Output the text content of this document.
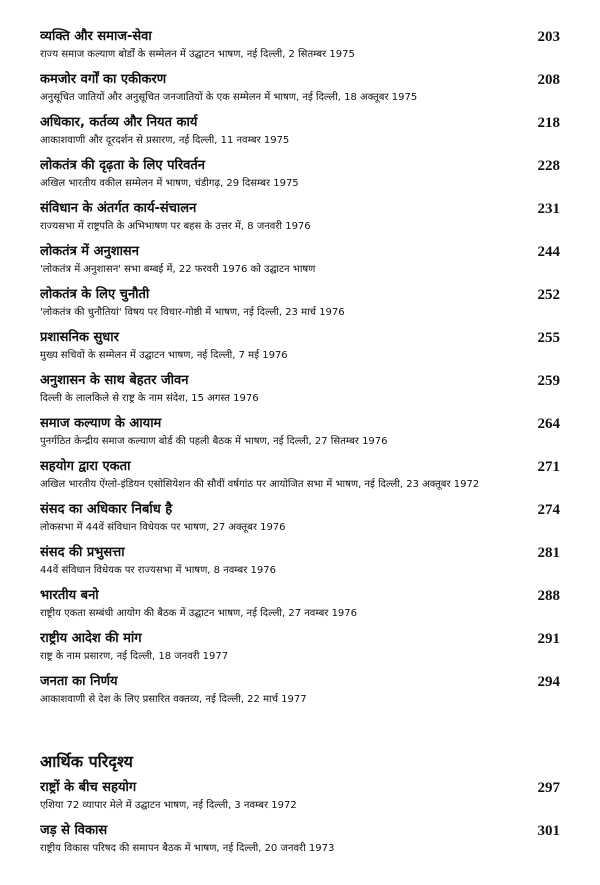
व्यक्ति और समाज-सेवा	203
राज्य समाज कल्याण बोर्डों के सम्मेलन में उद्घाटन भाषण, नई दिल्ली, 2 सितम्बर 1975
कमजोर वर्गों का एकीकरण	208
अनुसूचित जातियों और अनुसूचित जनजातियों के एक सम्मेलन में भाषण, नई दिल्ली, 18 अक्तूबर 1975
अधिकार, कर्तव्य और नियत कार्य	218
आकाशवाणी और दूरदर्शन से प्रसारण, नई दिल्ली, 11 नवम्बर 1975
लोकतंत्र की दृढ़ता के लिए परिवर्तन	228
अखिल भारतीय वकील सम्मेलन में भाषण, चंडीगढ़, 29 दिसम्बर 1975
संविधान के अंतर्गत कार्य-संचालन	231
राज्यसभा में राष्ट्रपति के अभिभाषण पर बहस के उत्तर में, 8 जनवरी 1976
लोकतंत्र में अनुशासन	244
'लोकतंत्र में अनुशासन' सभा बम्बई में, 22 फरवरी 1976 को उद्घाटन भाषण
लोकतंत्र के लिए चुनौती	252
'लोकतंत्र की चुनौतियां' विषय पर विचार-गोष्ठी में भाषण, नई दिल्ली, 23 मार्च 1976
प्रशासनिक सुधार	255
मुख्य सचिवों के सम्मेलन में उद्घाटन भाषण, नई दिल्ली, 7 मई 1976
अनुशासन के साथ बेहतर जीवन	259
दिल्ली के लालकिले से राष्ट्र के नाम संदेश, 15 अगस्त 1976
समाज कल्याण के आयाम	264
पुनर्गठित केन्द्रीय समाज कल्याण बोर्ड की पहली बैठक में भाषण, नई दिल्ली, 27 सितम्बर 1976
सहयोग द्वारा एकता	271
अखिल भारतीय ऐंग्लो-इंडियन एसोसियेशन की सौवीं वर्षगांठ पर आयोजित सभा में भाषण, नई दिल्ली, 23 अक्तूबर 1972
संसद का अधिकार निर्बाध है	274
लोकसभा में 44वें संविधान विधेयक पर भाषण, 27 अक्तूबर 1976
संसद की प्रभुसत्ता	281
44वें संविधान विधेयक पर राज्यसभा में भाषण, 8 नवम्बर 1976
भारतीय बनो	288
राष्ट्रीय एकता सम्बंधी आयोग की बैठक में उद्घाटन भाषण, नई दिल्ली, 27 नवम्बर 1976
राष्ट्रीय आदेश की मांग	291
राष्ट्र के नाम प्रसारण, नई दिल्ली, 18 जनवरी 1977
जनता का निर्णय	294
आकाशवाणी से देश के लिए प्रसारित वक्तव्य, नई दिल्ली, 22 मार्च 1977
आर्थिक परिदृश्य
राष्ट्रों के बीच सहयोग	297
एशिया 72 व्यापार मेले में उद्घाटन भाषण, नई दिल्ली, 3 नवम्बर 1972
जड़ से विकास	301
राष्ट्रीय विकास परिषद की समापन बैठक में भाषण, नई दिल्ली, 20 जनवरी 1973
